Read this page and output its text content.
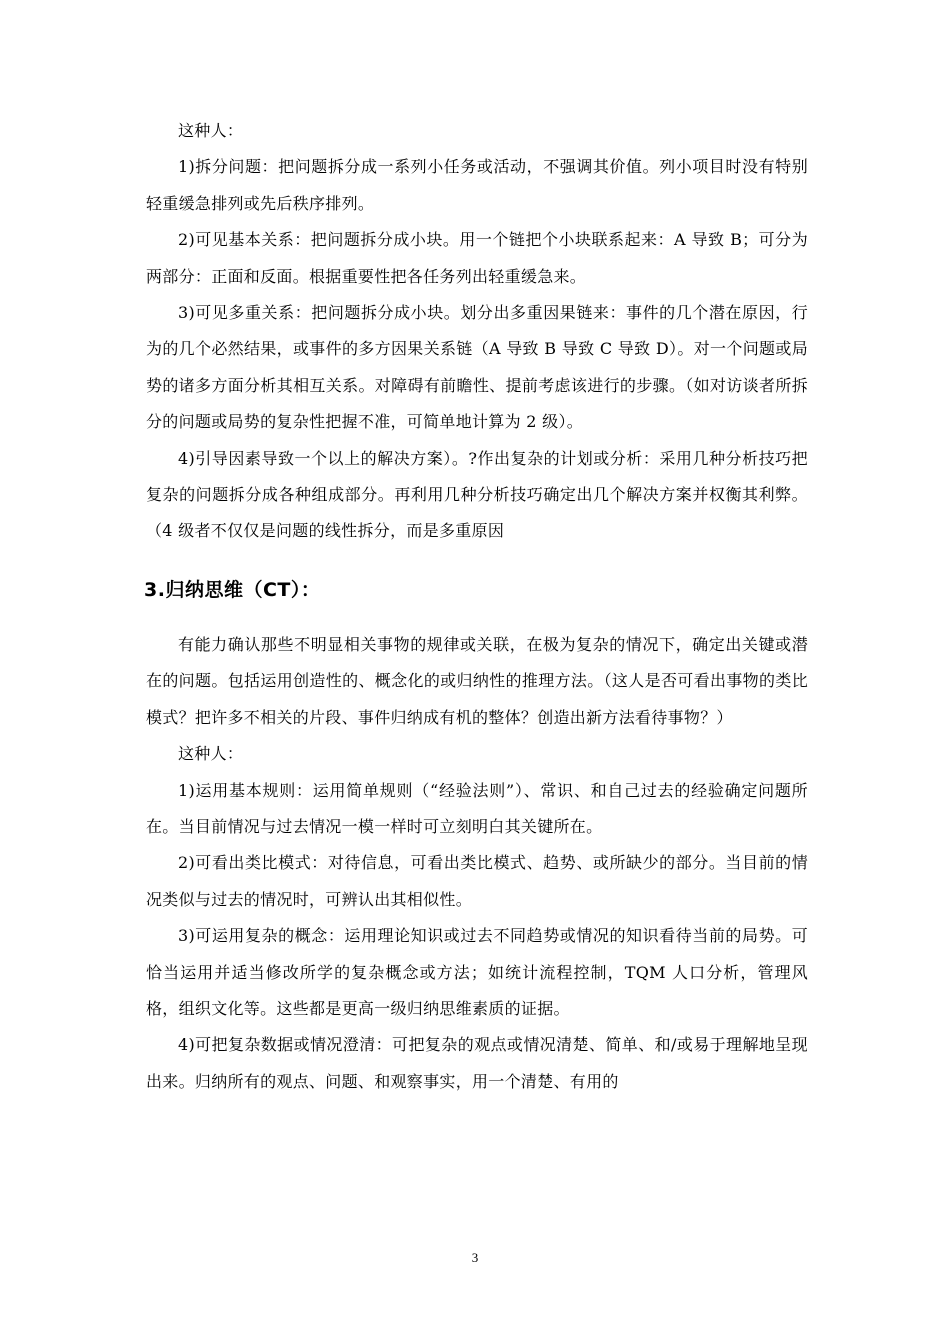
这种人：

1)拆分问题：把问题拆分成一系列小任务或活动，不强调其价值。列小项目时没有特别轻重缓急排列或先后秩序排列。

2)可见基本关系：把问题拆分成小块。用一个链把个小块联系起来：A 导致 B；可分为两部分：正面和反面。根据重要性把各任务列出轻重缓急来。

3)可见多重关系：把问题拆分成小块。划分出多重因果链来：事件的几个潜在原因，行为的几个必然结果，或事件的多方因果关系链（A 导致 B 导致 C 导致 D）。对一个问题或局势的诸多方面分析其相互关系。对障碍有前瞻性、提前考虑该进行的步骤。（如对访谈者所拆分的问题或局势的复杂性把握不准，可简单地计算为 2 级）。

4)引导因素导致一个以上的解决方案）。?作出复杂的计划或分析：采用几种分析技巧把复杂的问题拆分成各种组成部分。再利用几种分析技巧确定出几个解决方案并权衡其利弊。（4 级者不仅仅是问题的线性拆分，而是多重原因

3.归纳思维（CT）：

有能力确认那些不明显相关事物的规律或关联，在极为复杂的情况下，确定出关键或潜在的问题。包括运用创造性的、概念化的或归纳性的推理方法。（这人是否可看出事物的类比模式？把许多不相关的片段、事件归纳成有机的整体？创造出新方法看待事物？）

这种人：

1)运用基本规则：运用简单规则（“经验法则”）、常识、和自己过去的经验确定问题所在。当目前情况与过去情况一模一样时可立刻明白其关键所在。

2)可看出类比模式：对待信息，可看出类比模式、趋势、或所缺少的部分。当目前的情况类似与过去的情况时，可辨认出其相似性。

3)可运用复杂的概念：运用理论知识或过去不同趋势或情况的知识看待当前的局势。可恰当运用并适当修改所学的复杂概念或方法；如统计流程控制，TQM 人口分析，管理风格，组织文化等。这些都是更高一级归纳思维素质的证据。

4)可把复杂数据或情况澄清：可把复杂的观点或情况清楚、简单、和/或易于理解地呈现出来。归纳所有的观点、问题、和观察事实，用一个清楚、有用的

3
